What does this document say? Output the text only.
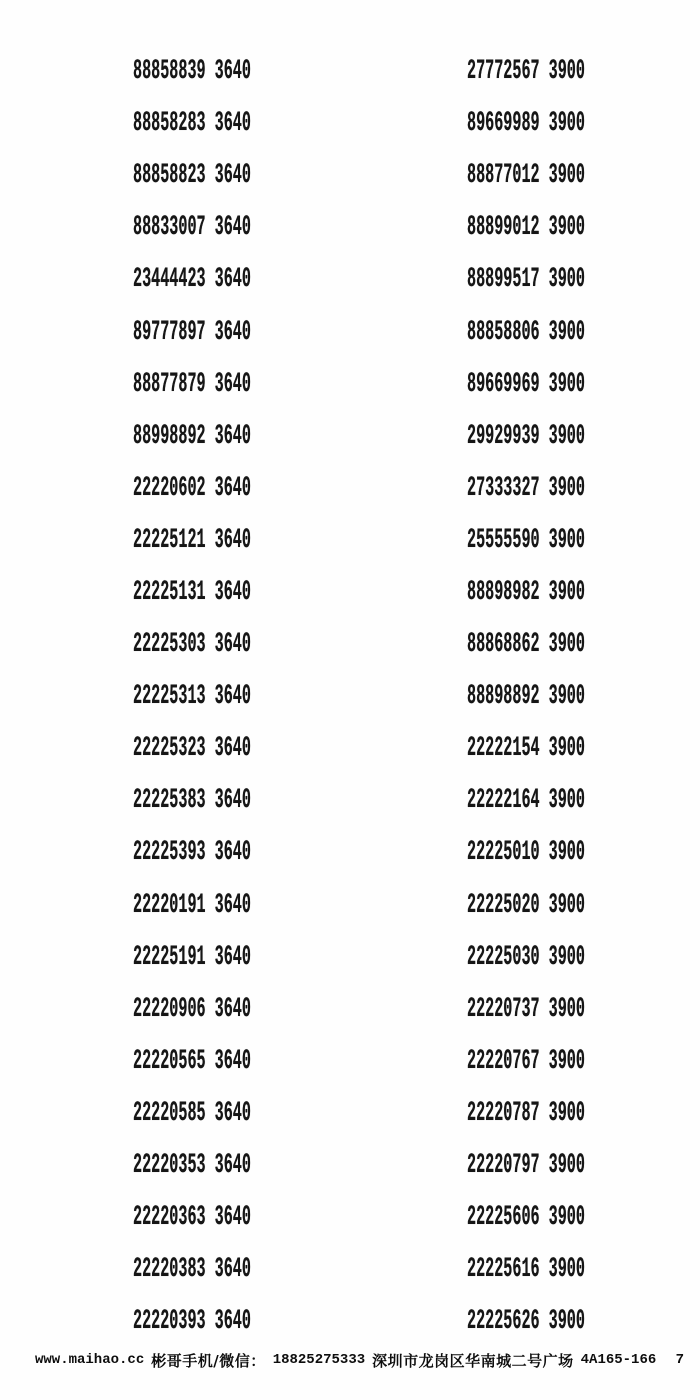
88858839 3640
88858283 3640
88858823 3640
88833007 3640
23444423 3640
89777897 3640
88877879 3640
88998892 3640
22220602 3640
22225121 3640
22225131 3640
22225303 3640
22225313 3640
22225323 3640
22225383 3640
22225393 3640
22220191 3640
22225191 3640
22220906 3640
22220565 3640
22220585 3640
22220353 3640
22220363 3640
22220383 3640
22220393 3640
27772567 3900
89669989 3900
88877012 3900
88899012 3900
88899517 3900
88858806 3900
89669969 3900
29929939 3900
27333327 3900
25555590 3900
88898982 3900
88868862 3900
88898892 3900
22222154 3900
22222164 3900
22225010 3900
22225020 3900
22225030 3900
22220737 3900
22220767 3900
22220787 3900
22220797 3900
22225606 3900
22225616 3900
22225626 3900
www.maihao.cc 彬哥手机/微信： 18825275333 深圳市龙岗区华南城二号广场 4A165-166 7
